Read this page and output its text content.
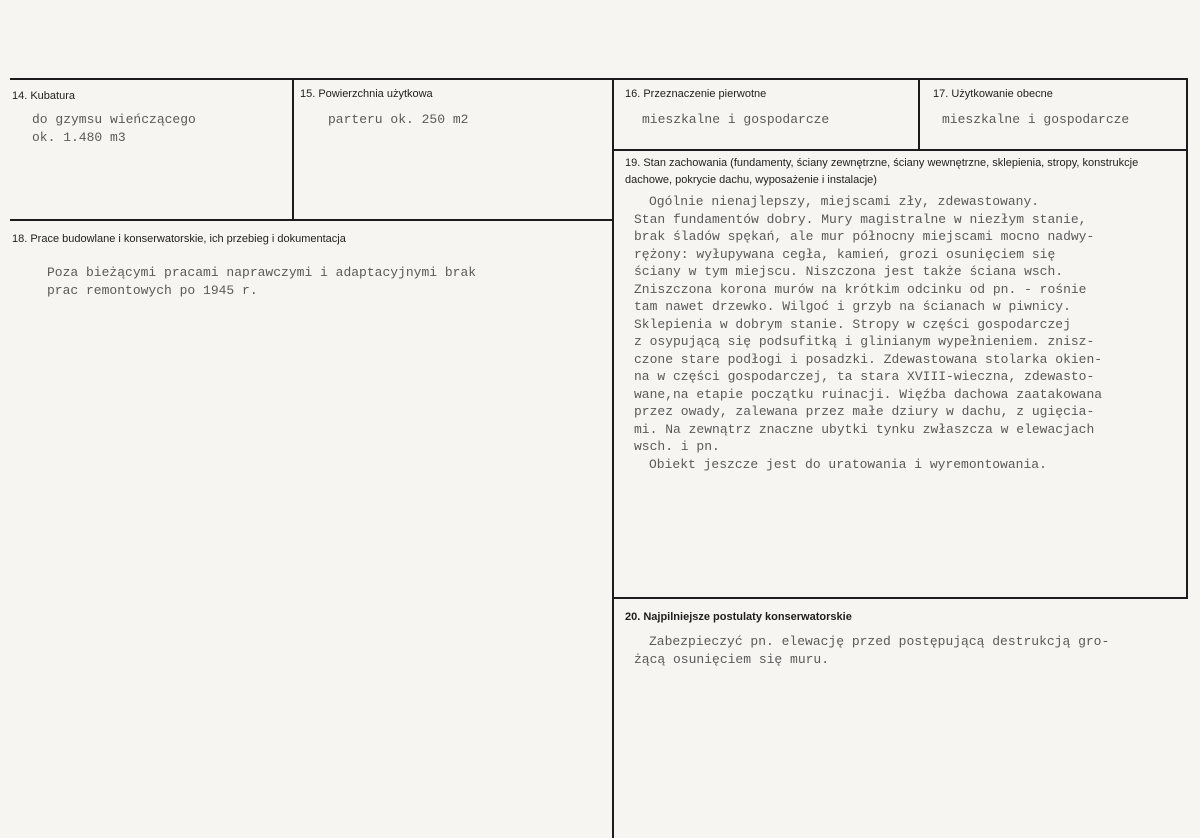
14. Kubatura
do gzymsu wieńczącego
ok. 1.480 m3
15. Powierzchnia użytkowa
parteru ok. 250 m2
16. Przeznaczenie pierwotne
mieszkalne i gospodarcze
17. Użytkowanie obecne
mieszkalne i gospodarcze
18. Prace budowlane i konserwatorskie, ich przebieg i dokumentacja
Poza bieżącymi pracami naprawczymi i adaptacyjnymi brak
prac remontowych po 1945 r.
19. Stan zachowania (fundamenty, ściany zewnętrzne, ściany wewnętrzne, sklepienia, stropy, konstrukcje dachowe, pokrycie dachu, wyposażenie i instalacje)
Ogólnie nienajlepszy, miejscami zły, zdewastowany.
Stan fundamentów dobry. Mury magistralne w niezłym stanie,
brak śladów spękań, ale mur północny miejscami mocno nadwy-
rężony: wyłupywana cegła, kamień, grozi osunięciem się
ściany w tym miejscu. Niszczona jest także ściana wsch.
Zniszczona korona murów na krótkim odcinku od pn. - rośnie
tam nawet drzewko. Wilgoć i grzyb na ścianach w piwnicy.
Sklepienia w dobrym stanie. Stropy w części gospodarczej
z osypującą się podsufitką i glinianym wypełnieniem. znisz-
czone stare podłogi i posadzki. Zdewastowana stolarka okien-
na w części gospodarczej, ta stara XVIII-wieczna, zdewasto-
wane,na etapie początku ruinacji. Więźba dachowa zaatakowana
przez owady, zalewana przez małe dziury w dachu, z ugięcia-
mi. Na zewnątrz znaczne ubytki tynku zwłaszcza w elewacjach
wsch. i pn.
Obiekt jeszcze jest do uratowania i wyremontowania.
20. Najpilniejsze postulaty konserwatorskie
Zabezpieczyć pn. elewację przed postępującą destrukcją gro-
żącą osunięciem się muru.
